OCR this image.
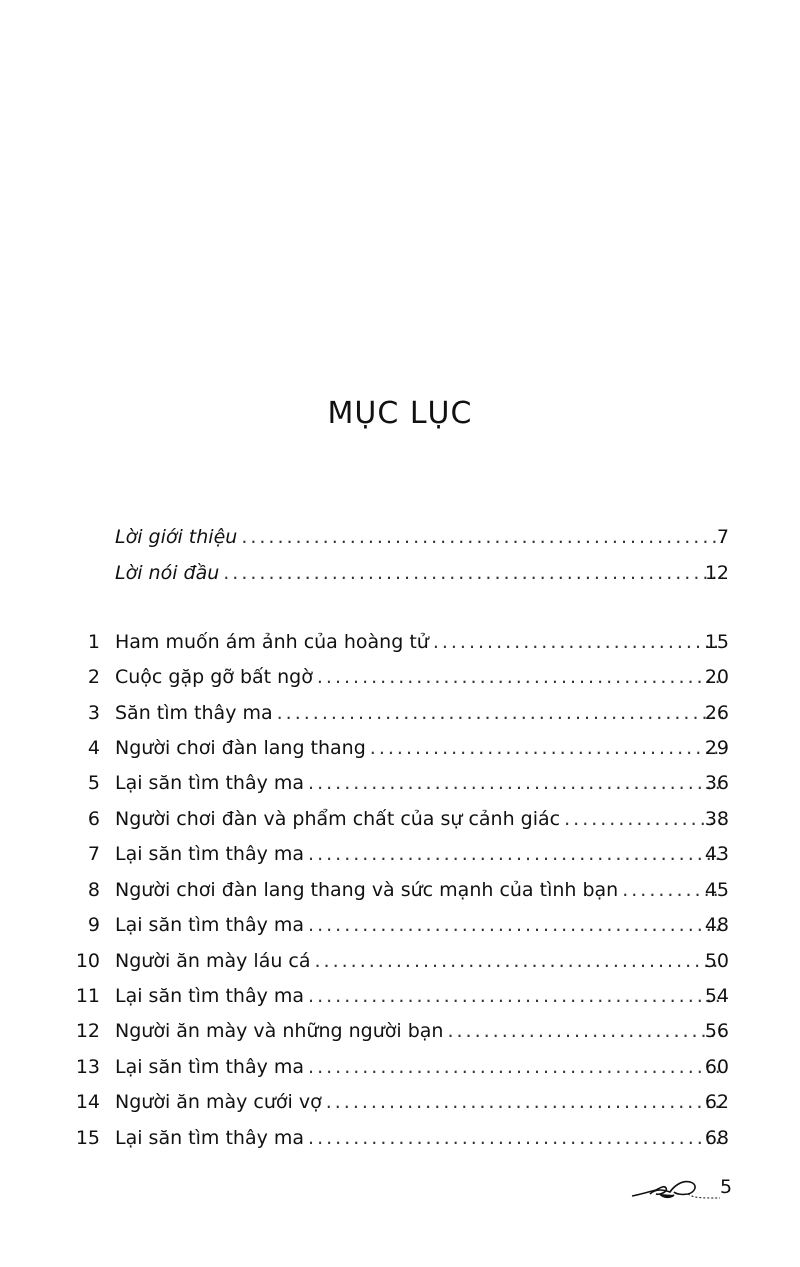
MỤC LỤC
Lời giới thiệu .....	7
Lời nói đầu .....	12
1 Ham muốn ám ảnh của hoàng tử .....	15
2 Cuộc gặp gỡ bất ngờ .....	20
3 Săn tìm thây ma .....	26
4 Người chơi đàn lang thang .....	29
5 Lại săn tìm thây ma .....	36
6 Người chơi đàn và phẩm chất của sự cảnh giác .....	38
7 Lại săn tìm thây ma .....	43
8 Người chơi đàn lang thang và sức mạnh của tình bạn .....	45
9 Lại săn tìm thây ma .....	48
10 Người ăn mày láu cá .....	50
11 Lại săn tìm thây ma .....	54
12 Người ăn mày và những người bạn .....	56
13 Lại săn tìm thây ma .....	60
14 Người ăn mày cưới vợ .....	62
15 Lại săn tìm thây ma .....	68
5
